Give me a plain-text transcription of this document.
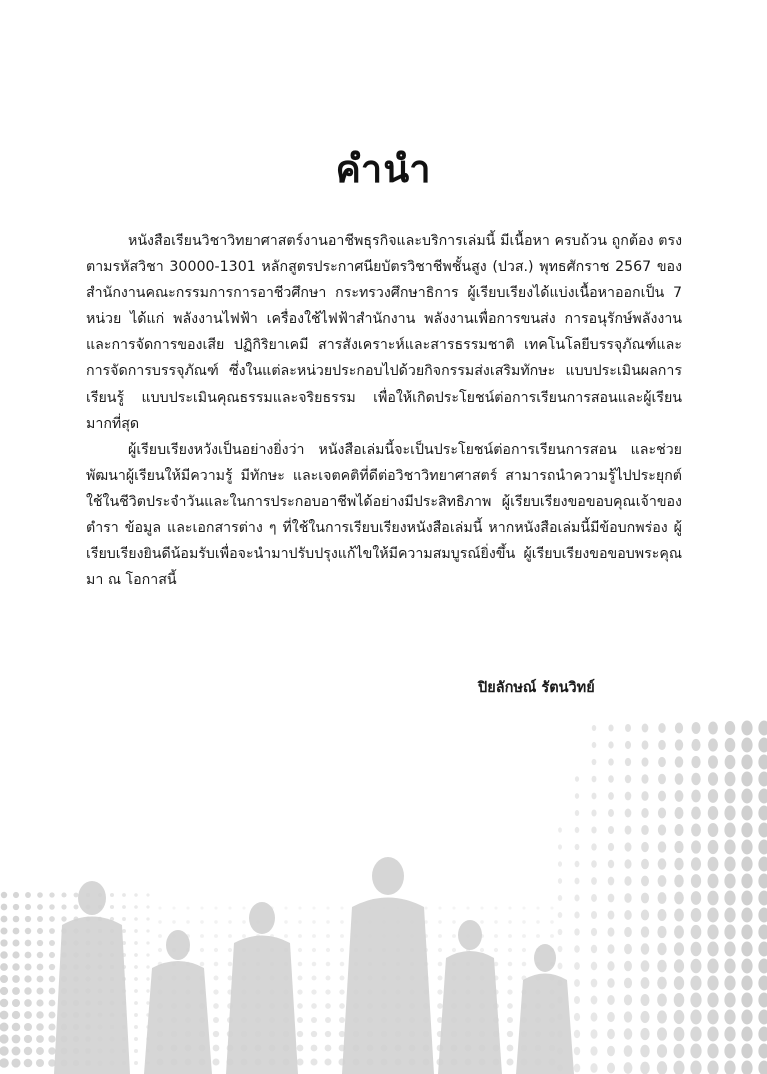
คำนำ

หนังสือเรียนวิชาวิทยาศาสตร์งานอาชีพธุรกิจและบริการเล่มนี้ มีเนื้อหา ครบถ้วน ถูกต้อง ตรงตามรหัสวิชา 30000-1301 หลักสูตรประกาศนียบัตรวิชาชีพชั้นสูง (ปวส.) พุทธศักราช 2567 ของสำนักงานคณะกรรมการการอาชีวศึกษา กระทรวงศึกษาธิการ ผู้เรียบเรียงได้แบ่งเนื้อหาออกเป็น 7 หน่วย ได้แก่ พลังงานไฟฟ้า เครื่องใช้ไฟฟ้าสำนักงาน พลังงานเพื่อการขนส่ง การอนุรักษ์พลังงานและการจัดการของเสีย ปฏิกิริยาเคมี สารสังเคราะห์และสารธรรมชาติ เทคโนโลยีบรรจุภัณฑ์และการจัดการบรรจุภัณฑ์ ซึ่งในแต่ละหน่วยประกอบไปด้วยกิจกรรมส่งเสริมทักษะ แบบประเมินผลการเรียนรู้ แบบประเมินคุณธรรมและจริยธรรม เพื่อให้เกิดประโยชน์ต่อการเรียนการสอนและผู้เรียนมากที่สุด

ผู้เรียบเรียงหวังเป็นอย่างยิ่งว่า หนังสือเล่มนี้จะเป็นประโยชน์ต่อการเรียนการสอน และช่วยพัฒนาผู้เรียนให้มีความรู้ มีทักษะ และเจตคติที่ดีต่อวิชาวิทยาศาสตร์ สามารถนำความรู้ไปประยุกต์ใช้ในชีวิตประจำวันและในการประกอบอาชีพได้อย่างมีประสิทธิภาพ ผู้เรียบเรียงขอขอบคุณเจ้าของตำรา ข้อมูล และเอกสารต่าง ๆ ที่ใช้ในการเรียบเรียงหนังสือเล่มนี้ หากหนังสือเล่มนี้มีข้อบกพร่อง ผู้เรียบเรียงยินดีน้อมรับเพื่อจะนำมาปรับปรุงแก้ไขให้มีความสมบูรณ์ยิ่งขึ้น ผู้เรียบเรียงขอขอบพระคุณมา ณ โอกาสนี้

ปิยลักษณ์ รัตนวิทย์
